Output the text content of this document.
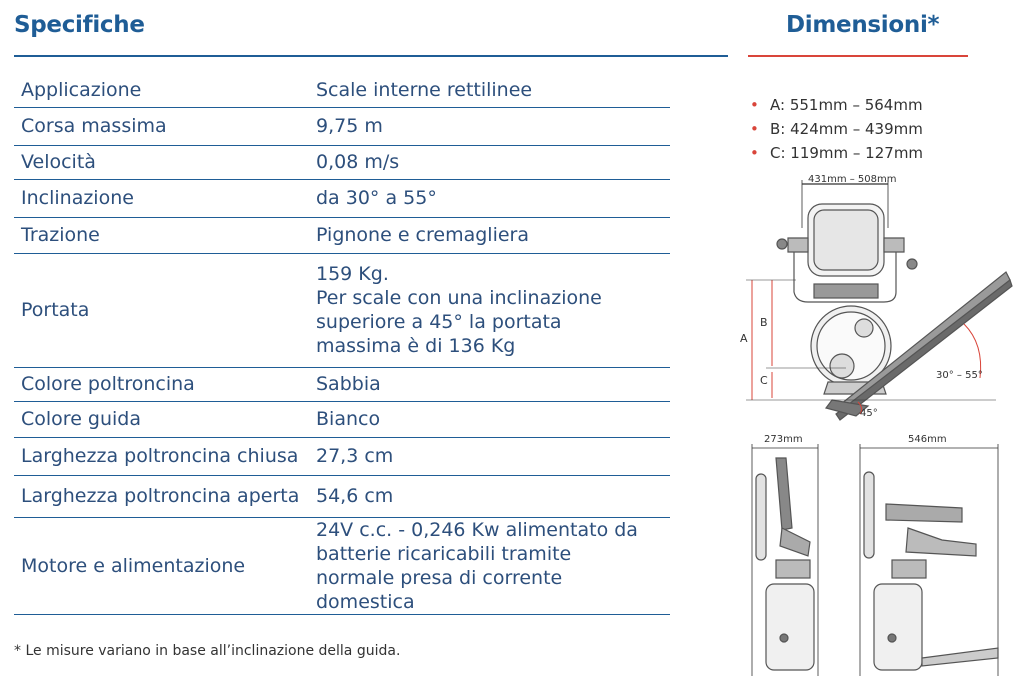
Specifiche	Dimensioni*
Applicazione	Scale interne rettilinee
Corsa massima	9,75 m
Velocità	0,08 m/s
Inclinazione	da 30° a 55°
Trazione	Pignone e cremagliera
Portata	159 Kg.
Per scale con una inclinazione
superiore a 45° la portata
massima è di 136 Kg
Colore poltroncina	Sabbia
Colore guida	Bianco
Larghezza poltroncina chiusa	27,3 cm
Larghezza poltroncina aperta	54,6 cm
Motore e alimentazione	24V c.c. - 0,246 Kw alimentato da
batterie ricaricabili tramite
normale presa di corrente
domestica
* Le misure variano in base all’inclinazione della guida.
• A: 551mm – 564mm
• B: 424mm – 439mm
• C: 119mm – 127mm
431mm – 508mm
A
B
C	30° – 55°
45°
273mm	546mm
